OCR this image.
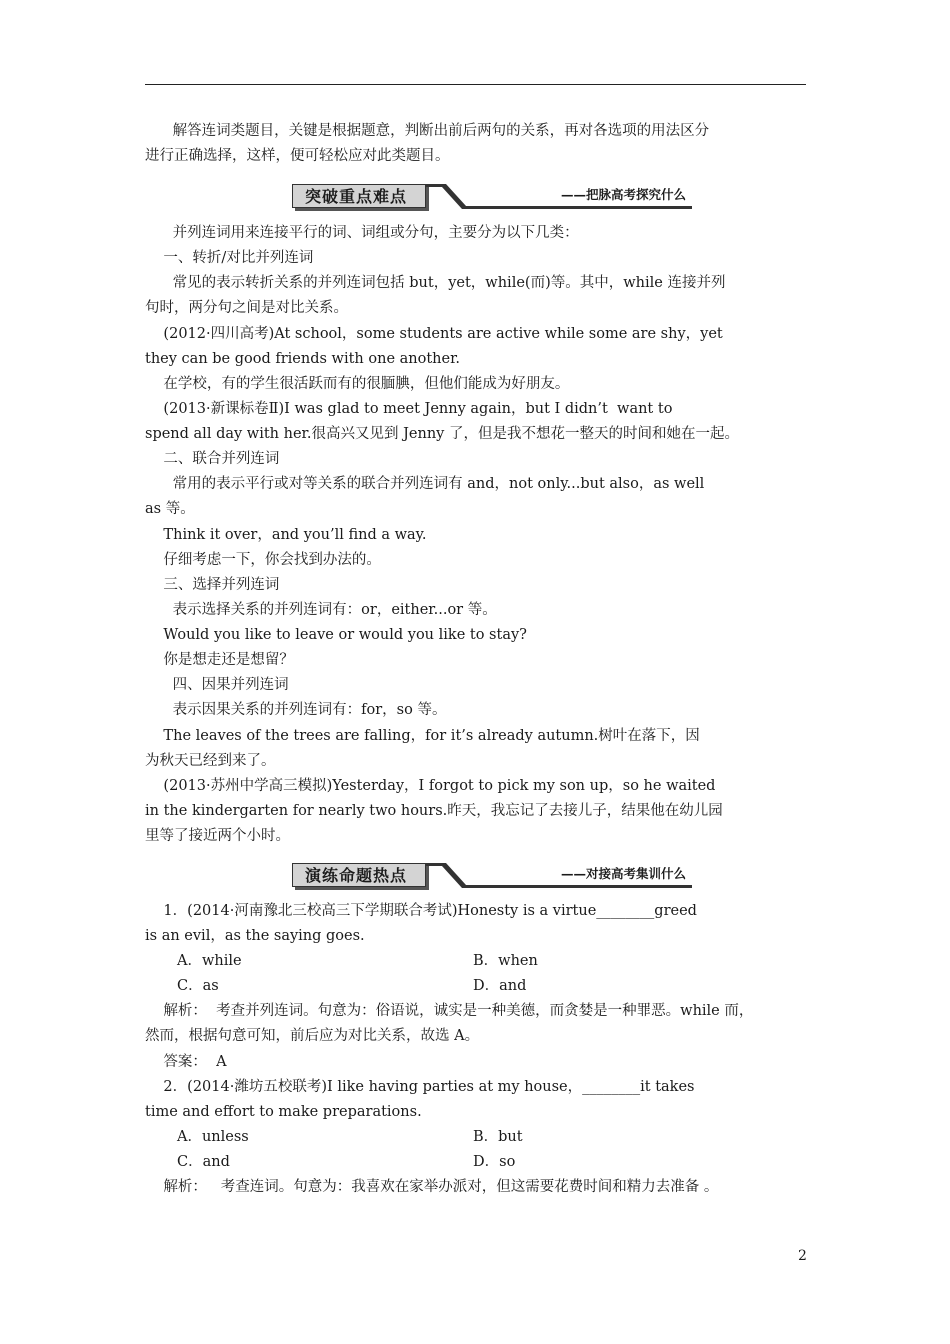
解答连词类题目，关键是根据题意，判断出前后两句的关系，再对各选项的用法区分
进行正确选择，这样，便可轻松应对此类题目。
突破重点难点	——把脉高考探究什么
并列连词用来连接平行的词、词组或分句，主要分为以下几类：
一、转折/对比并列连词
常见的表示转折关系的并列连词包括 but，yet，while(而)等。其中，while 连接并列
句时，两分句之间是对比关系。
(2012·四川高考)At school，some students are active while some are shy，yet
they can be good friends with one another.
在学校，有的学生很活跃而有的很腼腆，但他们能成为好朋友。
(2013·新课标卷Ⅱ)I was glad to meet Jenny again，but I didn’t  want to
spend all day with her.很高兴又见到 Jenny 了，但是我不想花一整天的时间和她在一起。
二、联合并列连词
常用的表示平行或对等关系的联合并列连词有 and，not only...but also，as well
as 等。
Think it over，and you’ll find a way.
仔细考虑一下，你会找到办法的。
三、选择并列连词
表示选择关系的并列连词有：or，either...or 等。
Would you like to leave or would you like to stay?
你是想走还是想留？
四、因果并列连词
表示因果关系的并列连词有：for，so 等。
The leaves of the trees are falling，for it’s already autumn.树叶在落下，因
为秋天已经到来了。
(2013·苏州中学高三模拟)Yesterday，I forgot to pick my son up，so he waited
in the kindergarten for nearly two hours.昨天，我忘记了去接儿子，结果他在幼儿园
里等了接近两个小时。
演练命题热点	——对接高考集训什么
1．(2014·河南豫北三校高三下学期联合考试)Honesty is a virtue________greed
is an evil，as the saying goes.
A．while	B．when
C．as	D．and
解析：  考查并列连词。句意为：俗语说，诚实是一种美德，而贪婪是一种罪恶。while 而，
然而，根据句意可知，前后应为对比关系，故选 A。
答案：  A
2．(2014·潍坊五校联考)I like having parties at my house，________it takes
time and effort to make preparations.
A．unless	B．but
C．and	D．so
解析：   考查连词。句意为：我喜欢在家举办派对，但这需要花费时间和精力去准备 。
2
